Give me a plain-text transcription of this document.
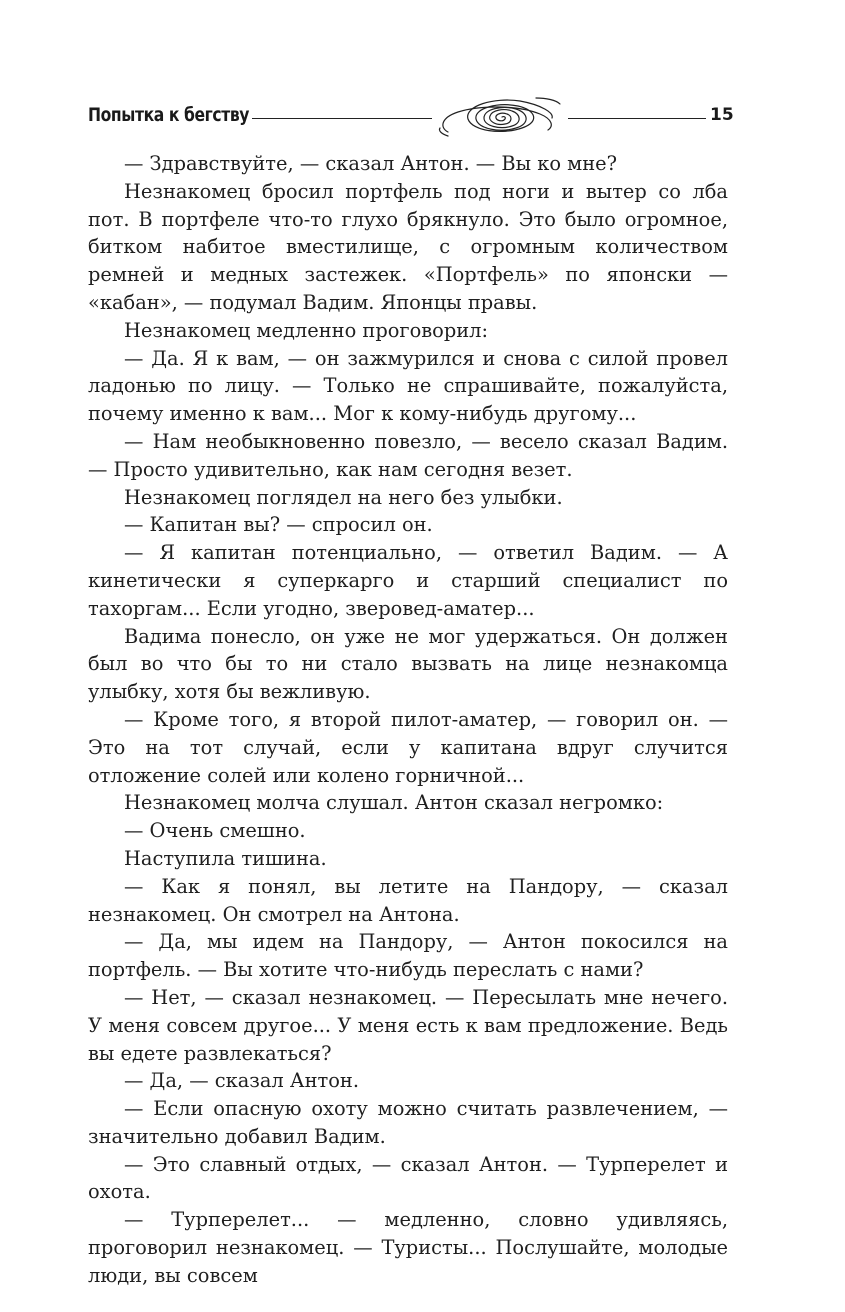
Попытка к бегству	15

— Здравствуйте, — сказал Антон. — Вы ко мне?

Незнакомец бросил портфель под ноги и вытер со лба пот. В портфеле что-то глухо брякнуло. Это было огромное, битком набитое вместилище, с огромным количеством ремней и медных застежек. «Портфель» по японски — «кабан», — подумал Вадим. Японцы правы.

Незнакомец медленно проговорил:

— Да. Я к вам, — он зажмурился и снова с силой провел ладонью по лицу. — Только не спрашивайте, пожалуйста, почему именно к вам... Мог к кому-нибудь другому...

— Нам необыкновенно повезло, — весело сказал Вадим. — Просто удивительно, как нам сегодня везет.

Незнакомец поглядел на него без улыбки.

— Капитан вы? — спросил он.

— Я капитан потенциально, — ответил Вадим. — А кинетически я суперкарго и старший специалист по тахоргам... Если угодно, зверовед-аматер...

Вадима понесло, он уже не мог удержаться. Он должен был во что бы то ни стало вызвать на лице незнакомца улыбку, хотя бы вежливую.

— Кроме того, я второй пилот-аматер, — говорил он. — Это на тот случай, если у капитана вдруг случится отложение солей или колено горничной...

Незнакомец молча слушал. Антон сказал негромко:

— Очень смешно.

Наступила тишина.

— Как я понял, вы летите на Пандору, — сказал незнакомец. Он смотрел на Антона.

— Да, мы идем на Пандору, — Антон покосился на портфель. — Вы хотите что-нибудь переслать с нами?

— Нет, — сказал незнакомец. — Пересылать мне нечего. У меня совсем другое... У меня есть к вам предложение. Ведь вы едете развлекаться?

— Да, — сказал Антон.

— Если опасную охоту можно считать развлечением, — значительно добавил Вадим.

— Это славный отдых, — сказал Антон. — Турперелет и охота.

— Турперелет... — медленно, словно удивляясь, проговорил незнакомец. — Туристы... Послушайте, молодые люди, вы совсем
